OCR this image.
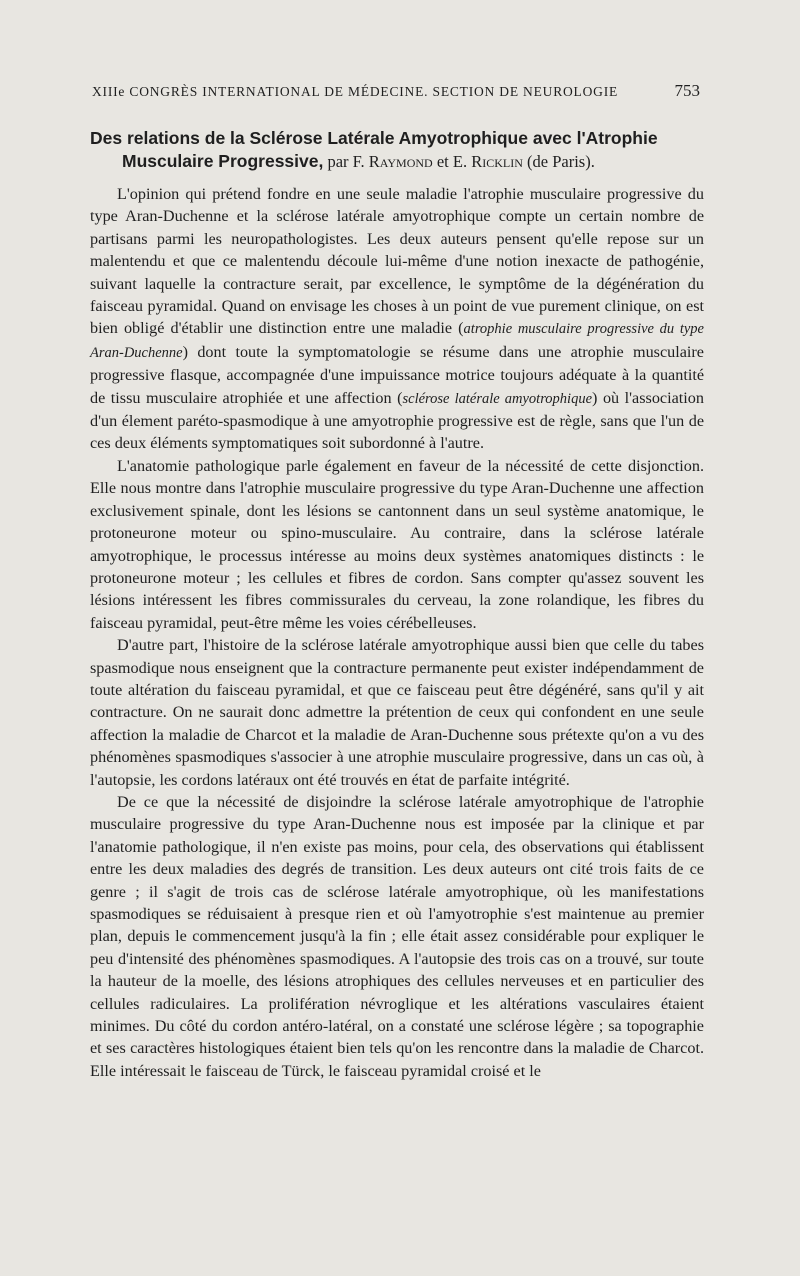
XIIIe CONGRÈS INTERNATIONAL DE MÉDECINE. SECTION DE NEUROLOGIE	753
Des relations de la Sclérose Latérale Amyotrophique avec l'Atrophie
Musculaire Progressive, par F. Raymond et E. Ricklin (de Paris).

L'opinion qui prétend fondre en une seule maladie l'atrophie musculaire progressive du type Aran-Duchenne et la sclérose latérale amyotrophique compte un certain nombre de partisans parmi les neuropathologistes. Les deux auteurs pensent qu'elle repose sur un malentendu et que ce malentendu découle lui-même d'une notion inexacte de pathogénie, suivant laquelle la contracture serait, par excellence, le symptôme de la dégénération du faisceau pyramidal. Quand on envisage les choses à un point de vue purement clinique, on est bien obligé d'établir une distinction entre une maladie (atrophie musculaire progressive du type Aran-Duchenne) dont toute la symptomatologie se résume dans une atrophie musculaire progressive flasque, accompagnée d'une impuissance motrice toujours adéquate à la quantité de tissu musculaire atrophiée et une affection (sclérose latérale amyotrophique) où l'association d'un élement paréto-spasmodique à une amyotrophie progressive est de règle, sans que l'un de ces deux éléments symptomatiques soit subordonné à l'autre.

L'anatomie pathologique parle également en faveur de la nécessité de cette disjonction. Elle nous montre dans l'atrophie musculaire progressive du type Aran-Duchenne une affection exclusivement spinale, dont les lésions se cantonnent dans un seul système anatomique, le protoneurone moteur ou spino-musculaire. Au contraire, dans la sclérose latérale amyotrophique, le processus intéresse au moins deux systèmes anatomiques distincts : le protoneurone moteur ; les cellules et fibres de cordon. Sans compter qu'assez souvent les lésions intéressent les fibres commissurales du cerveau, la zone rolandique, les fibres du faisceau pyramidal, peut-être même les voies cérébelleuses.

D'autre part, l'histoire de la sclérose latérale amyotrophique aussi bien que celle du tabes spasmodique nous enseignent que la contracture permanente peut exister indépendamment de toute altération du faisceau pyramidal, et que ce faisceau peut être dégénéré, sans qu'il y ait contracture. On ne saurait donc admettre la prétention de ceux qui confondent en une seule affection la maladie de Charcot et la maladie de Aran-Duchenne sous prétexte qu'on a vu des phénomènes spasmodiques s'associer à une atrophie musculaire progressive, dans un cas où, à l'autopsie, les cordons latéraux ont été trouvés en état de parfaite intégrité.

De ce que la nécessité de disjoindre la sclérose latérale amyotrophique de l'atrophie musculaire progressive du type Aran-Duchenne nous est imposée par la clinique et par l'anatomie pathologique, il n'en existe pas moins, pour cela, des observations qui établissent entre les deux maladies des degrés de transition. Les deux auteurs ont cité trois faits de ce genre ; il s'agit de trois cas de sclérose latérale amyotrophique, où les manifestations spasmodiques se réduisaient à presque rien et où l'amyotrophie s'est maintenue au premier plan, depuis le commencement jusqu'à la fin ; elle était assez considérable pour expliquer le peu d'intensité des phénomènes spasmodiques. A l'autopsie des trois cas on a trouvé, sur toute la hauteur de la moelle, des lésions atrophiques des cellules nerveuses et en particulier des cellules radiculaires. La prolifération névroglique et les altérations vasculaires étaient minimes. Du côté du cordon antéro-latéral, on a constaté une sclérose légère ; sa topographie et ses caractères histologiques étaient bien tels qu'on les rencontre dans la maladie de Charcot. Elle intéressait le faisceau de Türck, le faisceau pyramidal croisé et le
